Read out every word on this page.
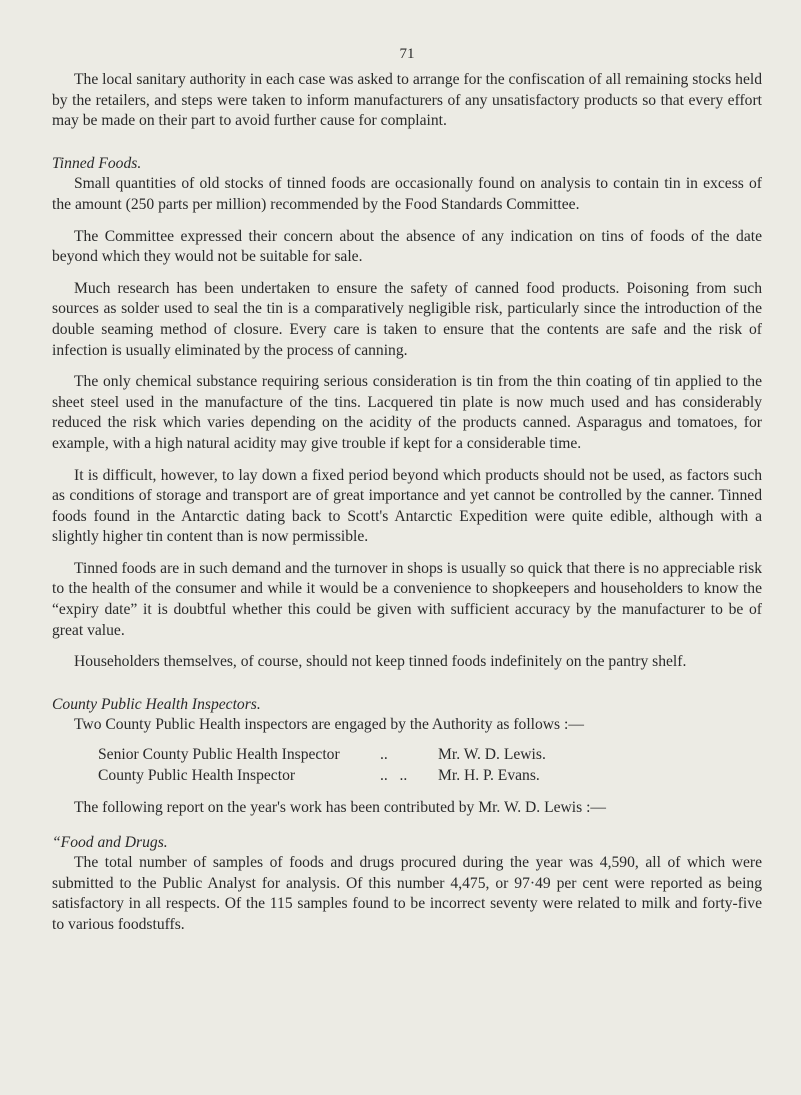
71

The local sanitary authority in each case was asked to arrange for the confiscation of all remaining stocks held by the retailers, and steps were taken to inform manufacturers of any unsatisfactory products so that every effort may be made on their part to avoid further cause for complaint.

Tinned Foods.

Small quantities of old stocks of tinned foods are occasionally found on analysis to contain tin in excess of the amount (250 parts per million) recommended by the Food Standards Committee.

The Committee expressed their concern about the absence of any indication on tins of foods of the date beyond which they would not be suitable for sale.

Much research has been undertaken to ensure the safety of canned food products. Poisoning from such sources as solder used to seal the tin is a comparatively negligible risk, particularly since the introduction of the double seaming method of closure. Every care is taken to ensure that the contents are safe and the risk of infection is usually eliminated by the process of canning.

The only chemical substance requiring serious consideration is tin from the thin coating of tin applied to the sheet steel used in the manufacture of the tins. Lacquered tin plate is now much used and has considerably reduced the risk which varies depending on the acidity of the products canned. Asparagus and tomatoes, for example, with a high natural acidity may give trouble if kept for a considerable time.

It is difficult, however, to lay down a fixed period beyond which products should not be used, as factors such as conditions of storage and transport are of great importance and yet cannot be controlled by the canner. Tinned foods found in the Antarctic dating back to Scott's Antarctic Expedition were quite edible, although with a slightly higher tin content than is now permissible.

Tinned foods are in such demand and the turnover in shops is usually so quick that there is no appreciable risk to the health of the consumer and while it would be a convenience to shopkeepers and householders to know the “expiry date” it is doubtful whether this could be given with sufficient accuracy by the manufacturer to be of great value.

Householders themselves, of course, should not keep tinned foods indefinitely on the pantry shelf.

County Public Health Inspectors.

Two County Public Health inspectors are engaged by the Authority as follows :—

Senior County Public Health Inspector	..	Mr. W. D. Lewis.
County Public Health Inspector	..   ..	Mr. H. P. Evans.

The following report on the year's work has been contributed by Mr. W. D. Lewis :—

“Food and Drugs.

The total number of samples of foods and drugs procured during the year was 4,590, all of which were submitted to the Public Analyst for analysis. Of this number 4,475, or 97·49 per cent were reported as being satisfactory in all respects. Of the 115 samples found to be incorrect seventy were related to milk and forty-five to various foodstuffs.
